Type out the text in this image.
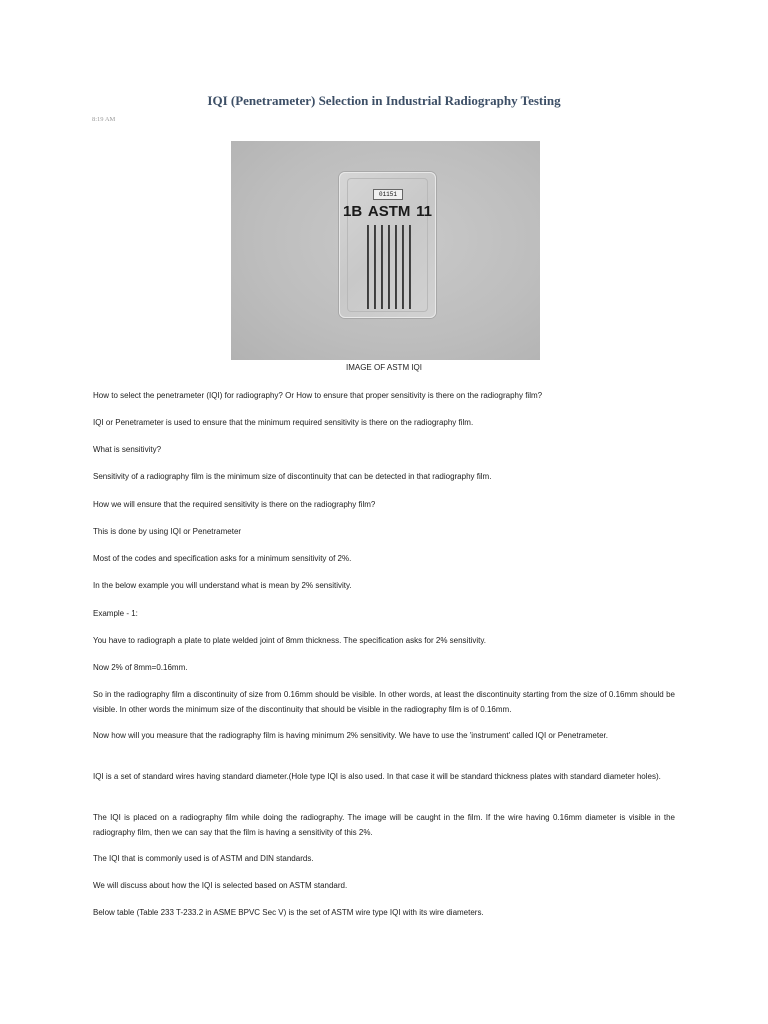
IQI (Penetrameter) Selection in Industrial Radiography Testing
8:19 AM
01151
1B ASTM 11
IMAGE OF ASTM IQI

How to select the penetrameter (IQI) for radiography? Or How to ensure that proper sensitivity is there on the radiography film?

IQI or Penetrameter is used to ensure that the minimum required sensitivity is there on the radiography film.

What is sensitivity?

Sensitivity of a radiography film is the minimum size of discontinuity that can be detected in that radiography film.

How we will ensure that the required sensitivity is there on the radiography film?

This is done by using IQI or Penetrameter

Most of the codes and specification asks for a minimum sensitivity of 2%.

In the below example you will understand what is mean by 2% sensitivity.

Example - 1:

You have to radiograph a plate to plate welded joint of 8mm thickness. The specification asks for 2% sensitivity.

Now 2% of 8mm=0.16mm.

So in the radiography film a discontinuity of size from 0.16mm should be visible. In other words, at least the discontinuity starting from the size of 0.16mm should be visible. In other words the minimum size of the discontinuity that should be visible in the radiography film is of 0.16mm.

Now how will you measure that the radiography film is having minimum 2% sensitivity. We have to use the 'instrument' called IQI or Penetrameter.

IQI is a set of standard wires having standard diameter.(Hole type IQI is also used. In that case it will be standard thickness plates with standard diameter holes).

The IQI is placed on a radiography film while doing the radiography. The image will be caught in the film. If the wire having 0.16mm diameter is visible in the radiography film, then we can say that the film is having a sensitivity of this 2%.

The IQI that is commonly used is of ASTM and DIN standards.

We will discuss about how the IQI is selected based on ASTM standard.

Below table (Table 233 T-233.2 in ASME BPVC Sec V) is the set of ASTM wire type IQI with its wire diameters.
